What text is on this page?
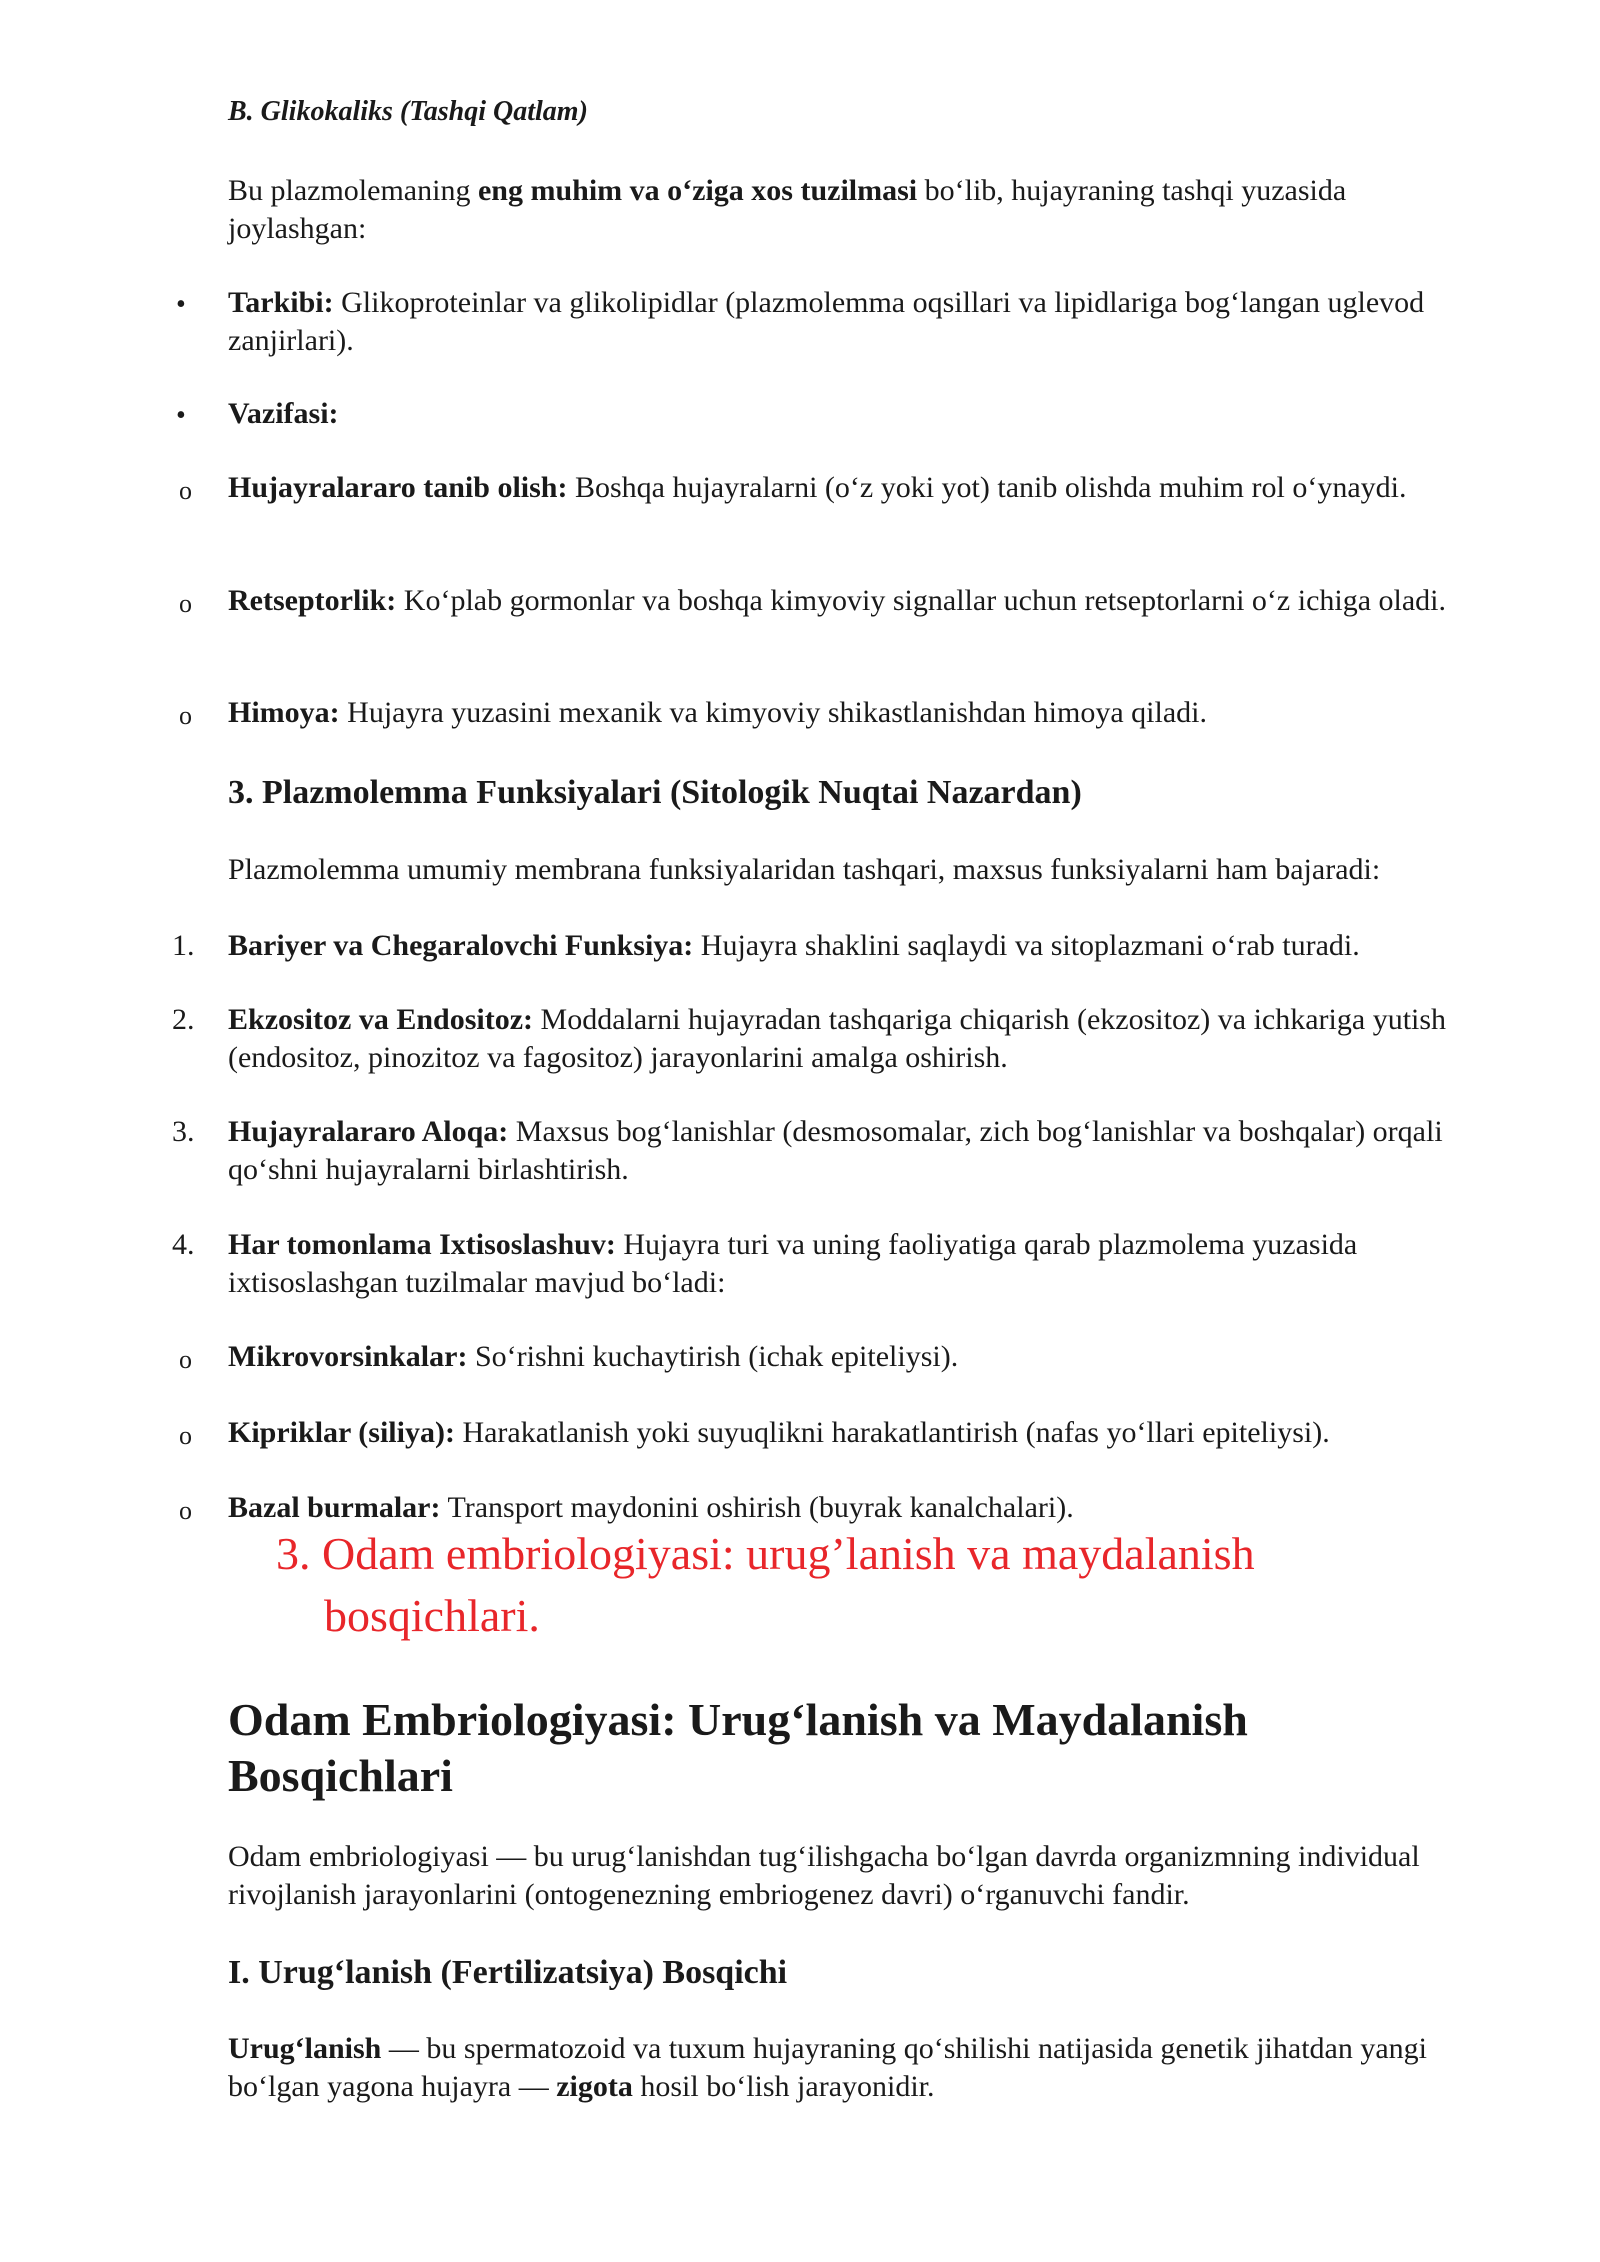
B. Glikokaliks (Tashqi Qatlam)
Bu plazmolemaning eng muhim va o‘ziga xos tuzilmasi bo‘lib, hujayraning tashqi yuzasida joylashgan:
• Tarkibi: Glikoproteinlar va glikolipidlar (plazmolemma oqsillari va lipidlariga bog‘langan uglevod zanjirlari).
• Vazifasi:
o Hujayralararo tanib olish: Boshqa hujayralarni (o‘z yoki yot) tanib olishda muhim rol o‘ynaydi.
o Retseptorlik: Ko‘plab gormonlar va boshqa kimyoviy signallar uchun retseptorlarni o‘z ichiga oladi.
o Himoya: Hujayra yuzasini mexanik va kimyoviy shikastlanishdan himoya qiladi.
3. Plazmolemma Funksiyalari (Sitologik Nuqtai Nazardan)
Plazmolemma umumiy membrana funksiyalaridan tashqari, maxsus funksiyalarni ham bajaradi:
1. Bariyer va Chegaralovchi Funksiya: Hujayra shaklini saqlaydi va sitoplazmani o‘rab turadi.
2. Ekzositoz va Endositoz: Moddalarni hujayradan tashqariga chiqarish (ekzositoz) va ichkariga yutish (endositoz, pinozitoz va fagositoz) jarayonlarini amalga oshirish.
3. Hujayralararo Aloqa: Maxsus bog‘lanishlar (desmosomalar, zich bog‘lanishlar va boshqalar) orqali qo‘shni hujayralarni birlashtirish.
4. Har tomonlama Ixtisoslashuv: Hujayra turi va uning faoliyatiga qarab plazmolema yuzasida ixtisoslashgan tuzilmalar mavjud bo‘ladi:
o Mikrovorsinkalar: So‘rishni kuchaytirish (ichak epiteliysi).
o Kipriklar (siliya): Harakatlanish yoki suyuqlikni harakatlantirish (nafas yo‘llari epiteliysi).
o Bazal burmalar: Transport maydonini oshirish (buyrak kanalchalari).
3. Odam embriologiyasi: urug’lanish va maydalanish
bosqichlari.
Odam Embriologiyasi: Urug‘lanish va Maydalanish Bosqichlari
Odam embriologiyasi — bu urug‘lanishdan tug‘ilishgacha bo‘lgan davrda organizmning individual rivojlanish jarayonlarini (ontogenezning embriogenez davri) o‘rganuvchi fandir.
I. Urug‘lanish (Fertilizatsiya) Bosqichi
Urug‘lanish — bu spermatozoid va tuxum hujayraning qo‘shilishi natijasida genetik jihatdan yangi bo‘lgan yagona hujayra — zigota hosil bo‘lish jarayonidir.
